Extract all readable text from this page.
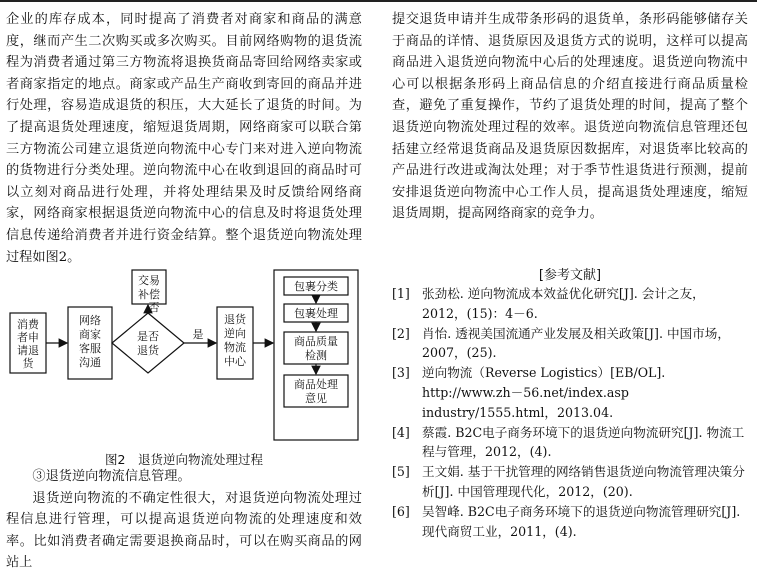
企业的库存成本，同时提高了消费者对商家和商品的满意度，继而产生二次购买或多次购买。目前网络购物的退货流程为消费者通过第三方物流将退换货商品寄回给网络卖家或者商家指定的地点。商家或产品生产商收到寄回的商品并进行处理，容易造成退货的积压，大大延长了退货的时间。为了提高退货处理速度，缩短退货周期，网络商家可以联合第三方物流公司建立退货逆向物流中心专门来对进入逆向物流的货物进行分类处理。逆向物流中心在收到退回的商品时可以立刻对商品进行处理，并将处理结果及时反馈给网络商家，网络商家根据退货逆向物流中心的信息及时将退货处理信息传递给消费者并进行资金结算。整个退货逆向物流处理过程如图2。

消费
者申
请退
货
网络
商家
客服
沟通
是否
退货
交易
补偿
退货
逆向
物流
中心
包裹分类
包裹处理
商品质量
检测
商品处理
意见
否
是
图2　退货逆向物流处理过程

③退货逆向物流信息管理。

退货逆向物流的不确定性很大，对退货逆向物流处理过程信息进行管理，可以提高退货逆向物流的处理速度和效率。比如消费者确定需要退换商品时，可以在购买商品的网站上

提交退货申请并生成带条形码的退货单，条形码能够储存关于商品的详情、退货原因及退货方式的说明，这样可以提高商品进入退货逆向物流中心后的处理速度。退货逆向物流中心可以根据条形码上商品信息的介绍直接进行商品质量检查，避免了重复操作，节约了退货处理的时间，提高了整个退货逆向物流处理过程的效率。退货逆向物流信息管理还包括建立经常退货商品及退货原因数据库，对退货率比较高的产品进行改进或淘汰处理；对于季节性退货进行预测，提前安排退货逆向物流中心工作人员，提高退货处理速度，缩短退货周期，提高网络商家的竞争力。

[参考文献]
[1] 张劲松. 逆向物流成本效益优化研究[J]. 会计之友，2012，(15)：4－6.
[2] 肖怡. 透视美国流通产业发展及相关政策[J]. 中国市场，2007，(25).
[3] 逆向物流（Reverse Logistics）[EB/OL]. http://www.zh－56.net/index.asp industry/1555.html，2013.04.
[4] 蔡霞. B2C电子商务环境下的退货逆向物流研究[J]. 物流工程与管理，2012，(4).
[5] 王文娟. 基于干扰管理的网络销售退货逆向物流管理决策分析[J]. 中国管理现代化，2012，(20).
[6] 吴智峰. B2C电子商务环境下的退货逆向物流管理研究[J]. 现代商贸工业，2011，(4).
